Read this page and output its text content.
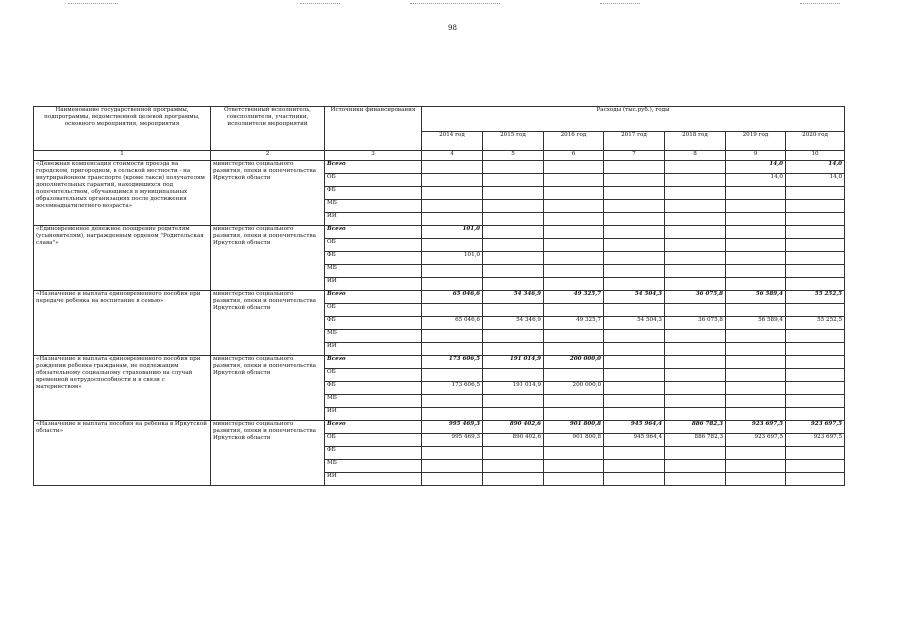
98
Наименование государственной программы, подпрограммы, ведомственной целевой программы, основного мероприятия, мероприятия	Ответственный исполнитель, соисполнители, участники, исполнители мероприятий	Источники финансирования	Расходы (тыс.руб.), годы						
			2014 год	2015 год	2016 год	2017 год	2018 год	2019 год	2020 год
1	2	3	4	5	6	7	8	9	10
«Денежная компенсация стоимости проезда на городском, пригородном, в сельской местности - на внутрирайонном транспорте (кроме такси) получателям дополнительных гарантий, находившихся под попечительством, обучающимся в муниципальных образовательных организациях после достижения восемнадцатилетнего возраста»	министерство социального развития, опеки и попечительства Иркутской области	Всего						14,0	14,0
		ОБ						14,0	14,0
		ФБ							
		МБ							
		ИИ							
«Единовременное денежное поощрение родителям (усыновителям), награжденным орденом "Родительская слава"»	министерство социального развития, опеки и попечительства Иркутской области	Всего	101,0						
		ОБ							
		ФБ	101,0						
		МБ							
		ИИ							
«Назначение и выплата единовременного пособия при передаче ребенка на воспитание в семью»	министерство социального развития, опеки и попечительства Иркутской области	Всего	65 046,6	54 346,9	49 325,7	54 504,3	36 075,8	56 589,4	55 252,5
		ОБ							
		ФБ	65 046,6	54 346,9	49 325,7	54 504,3	36 075,8	56 589,4	55 252,5
		МБ							
		ИИ							
«Назначение и выплата единовременного пособия при рождении ребенка гражданам, не подлежащим обязательному социальному страхованию на случай временной нетрудоспособности и в связи с материнством»	министерство социального развития, опеки и попечительства Иркутской области	Всего	173 606,5	191 014,9	200 000,0				
		ОБ							
		ФБ	173 606,5	191 014,9	200 000,0				
		МБ							
		ИИ							
«Назначение и выплата пособия на ребенка в Иркутской области»	министерство социального развития, опеки и попечительства Иркутской области	Всего	995 469,3	890 402,6	901 800,8	945 964,4	886 782,3	923 697,5	923 697,5
		ОБ	995 469,3	890 402,6	901 800,8	945 964,4	886 782,3	923 697,5	923 697,5
		ФБ							
		МБ							
		ИИ							
